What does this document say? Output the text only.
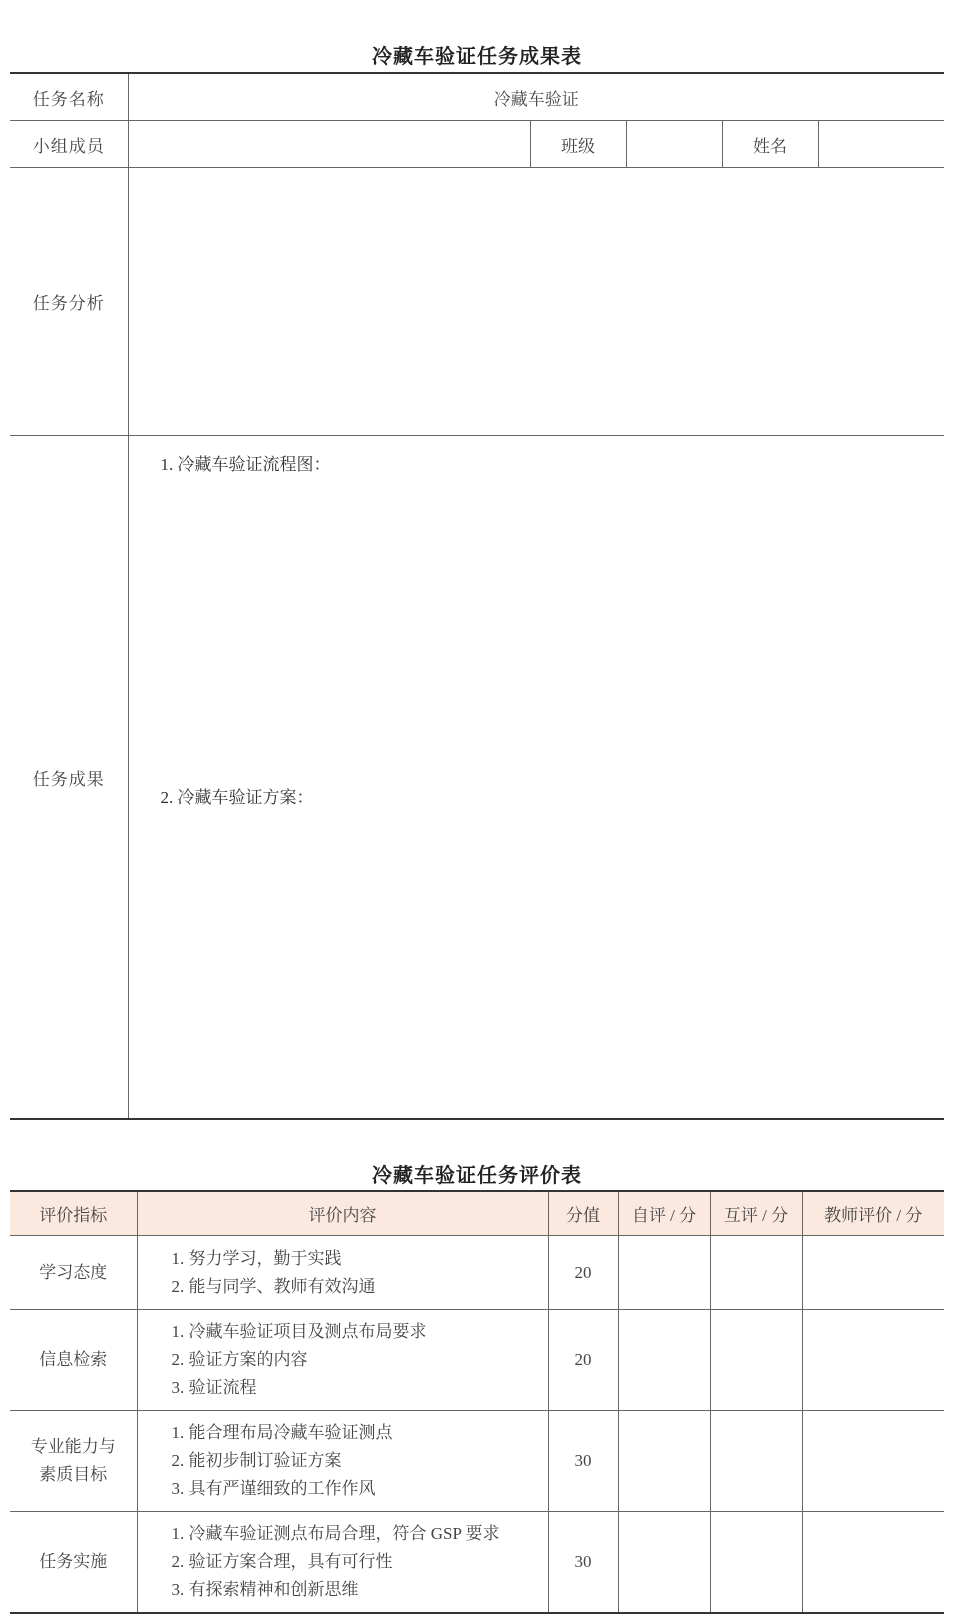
冷藏车验证任务成果表
任务名称	冷藏车验证				
小组成员		班级		姓名	
任务分析					
任务成果	1. 冷藏车验证流程图：
2. 冷藏车验证方案：				
冷藏车验证任务评价表
评价指标	评价内容	分值	自评 / 分	互评 / 分	教师评价 / 分

学习态度	1. 努力学习，勤于实践
2. 能与同学、教师有效沟通	20			

信息检索	1. 冷藏车验证项目及测点布局要求
2. 验证方案的内容
3. 验证流程	20			

专业能力与
素质目标	1. 能合理布局冷藏车验证测点
2. 能初步制订验证方案
3. 具有严谨细致的工作作风	30			

任务实施	1. 冷藏车验证测点布局合理，符合 GSP 要求
2. 验证方案合理，具有可行性
3. 有探索精神和创新思维	30			
